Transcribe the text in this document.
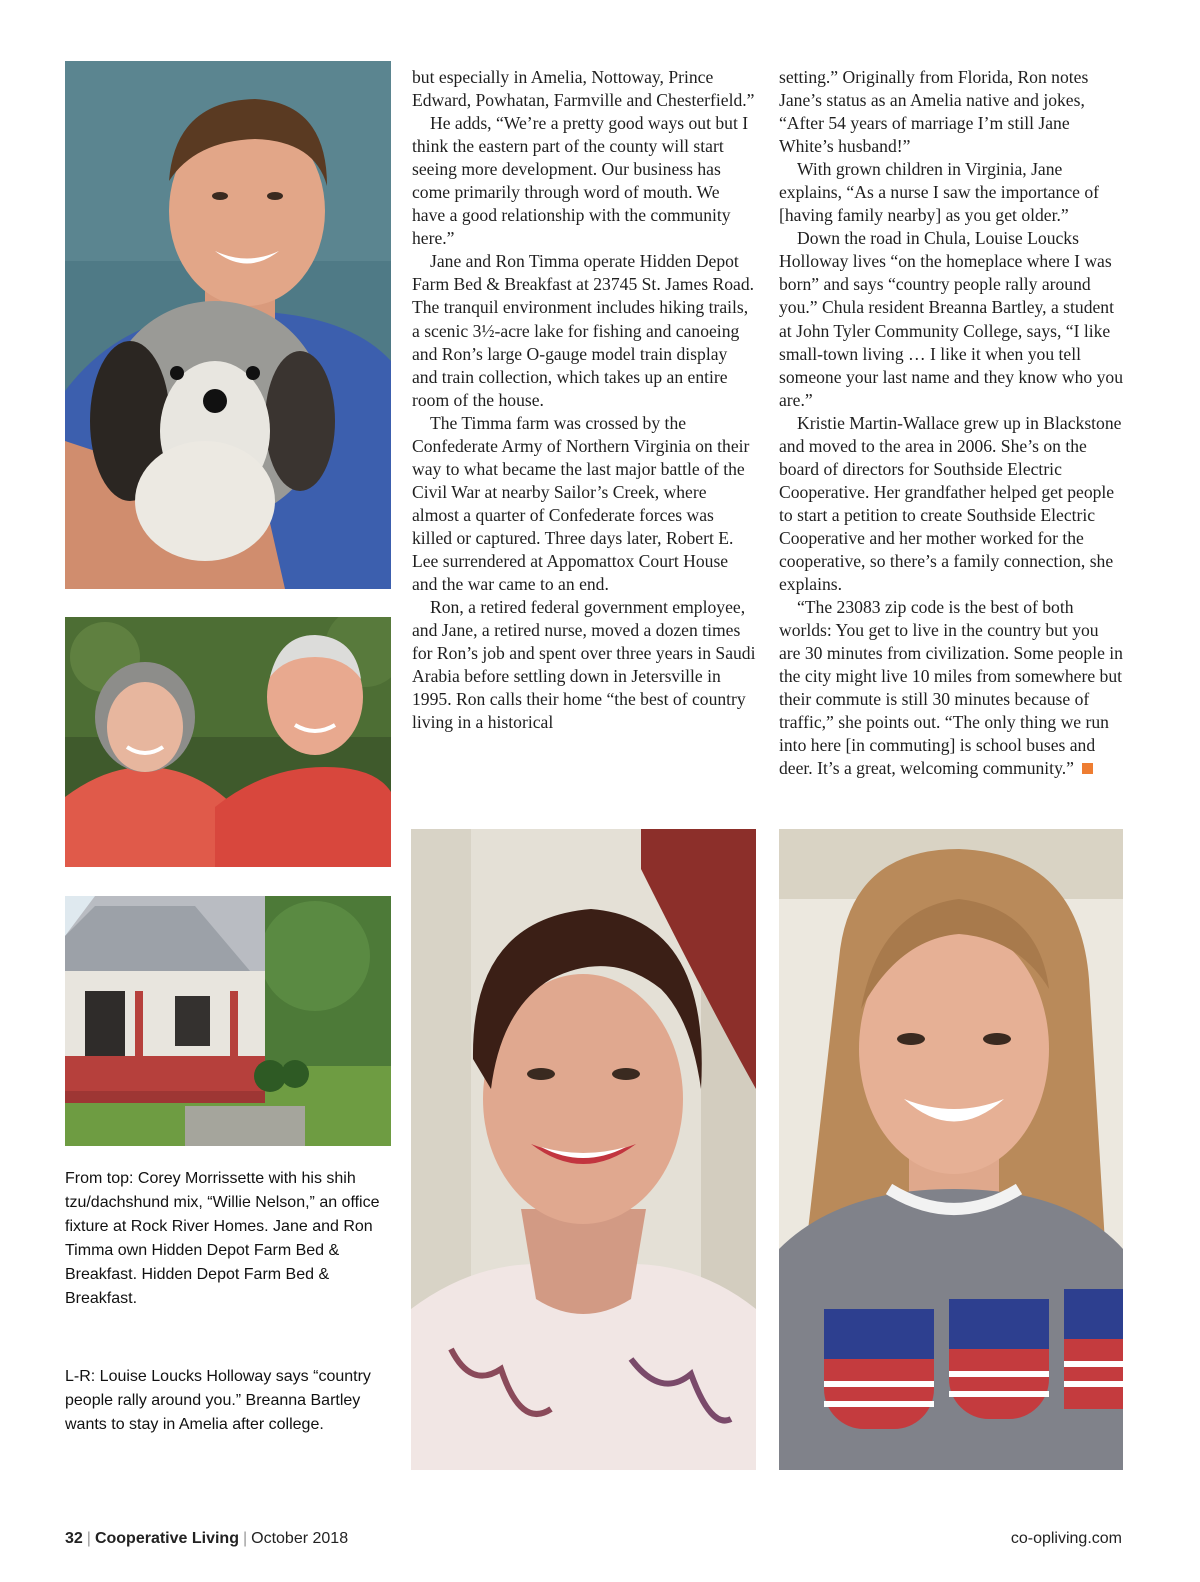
USA

but especially in Amelia, Nottoway, Prince Edward, Powhatan, Farmville and Chesterfield.”

He adds, “We’re a pretty good ways out but I think the eastern part of the county will start seeing more development. Our business has come primarily through word of mouth. We have a good relationship with the community here.”

Jane and Ron Timma operate Hidden Depot Farm Bed & Breakfast at 23745 St. James Road. The tranquil environment includes hiking trails, a scenic 3½-acre lake for fishing and canoeing and Ron’s large O-gauge model train display and train collection, which takes up an entire room of the house.

The Timma farm was crossed by the Confederate Army of Northern Virginia on their way to what became the last major battle of the Civil War at nearby Sailor’s Creek, where almost a quarter of Confederate forces was killed or captured. Three days later, Robert E. Lee surrendered at Appomattox Court House and the war came to an end.

Ron, a retired federal government employee, and Jane, a retired nurse, moved a dozen times for Ron’s job and spent over three years in Saudi Arabia before settling down in Jetersville in 1995. Ron calls their home “the best of country living in a historical

setting.” Originally from Florida, Ron notes Jane’s status as an Amelia native and jokes, “After 54 years of marriage I’m still Jane White’s husband!”

With grown children in Virginia, Jane explains, “As a nurse I saw the importance of [having family nearby] as you get older.”

Down the road in Chula, Louise Loucks Holloway lives “on the homeplace where I was born” and says “country people rally around you.” Chula resident Breanna Bartley, a student at John Tyler Community College, says, “I like small-town living … I like it when you tell someone your last name and they know who you are.”

Kristie Martin-Wallace grew up in Blackstone and moved to the area in 2006. She’s on the board of directors for Southside Electric Cooperative. Her grandfather helped get people to start a petition to create Southside Electric Cooperative and her mother worked for the cooperative, so there’s a family connection, she explains.

“The 23083 zip code is the best of both worlds: You get to live in the country but you are 30 minutes from civilization. Some people in the city might live 10 miles from somewhere but their commute is still 30 minutes because of traffic,” she points out. “The only thing we run into here [in commuting] is school buses and deer. It’s a great, welcoming community.”

From top: Corey Morrissette with his shih tzu/dachshund mix, “Willie Nelson,” an office fixture at Rock River Homes. Jane and Ron Timma own Hidden Depot Farm Bed & Breakfast. Hidden Depot Farm Bed & Breakfast.

L-R: Louise Loucks Holloway says “country people rally around you.” Breanna Bartley wants to stay in Amelia after college.

32 | Cooperative Living | October 2018	co-opliving.com
